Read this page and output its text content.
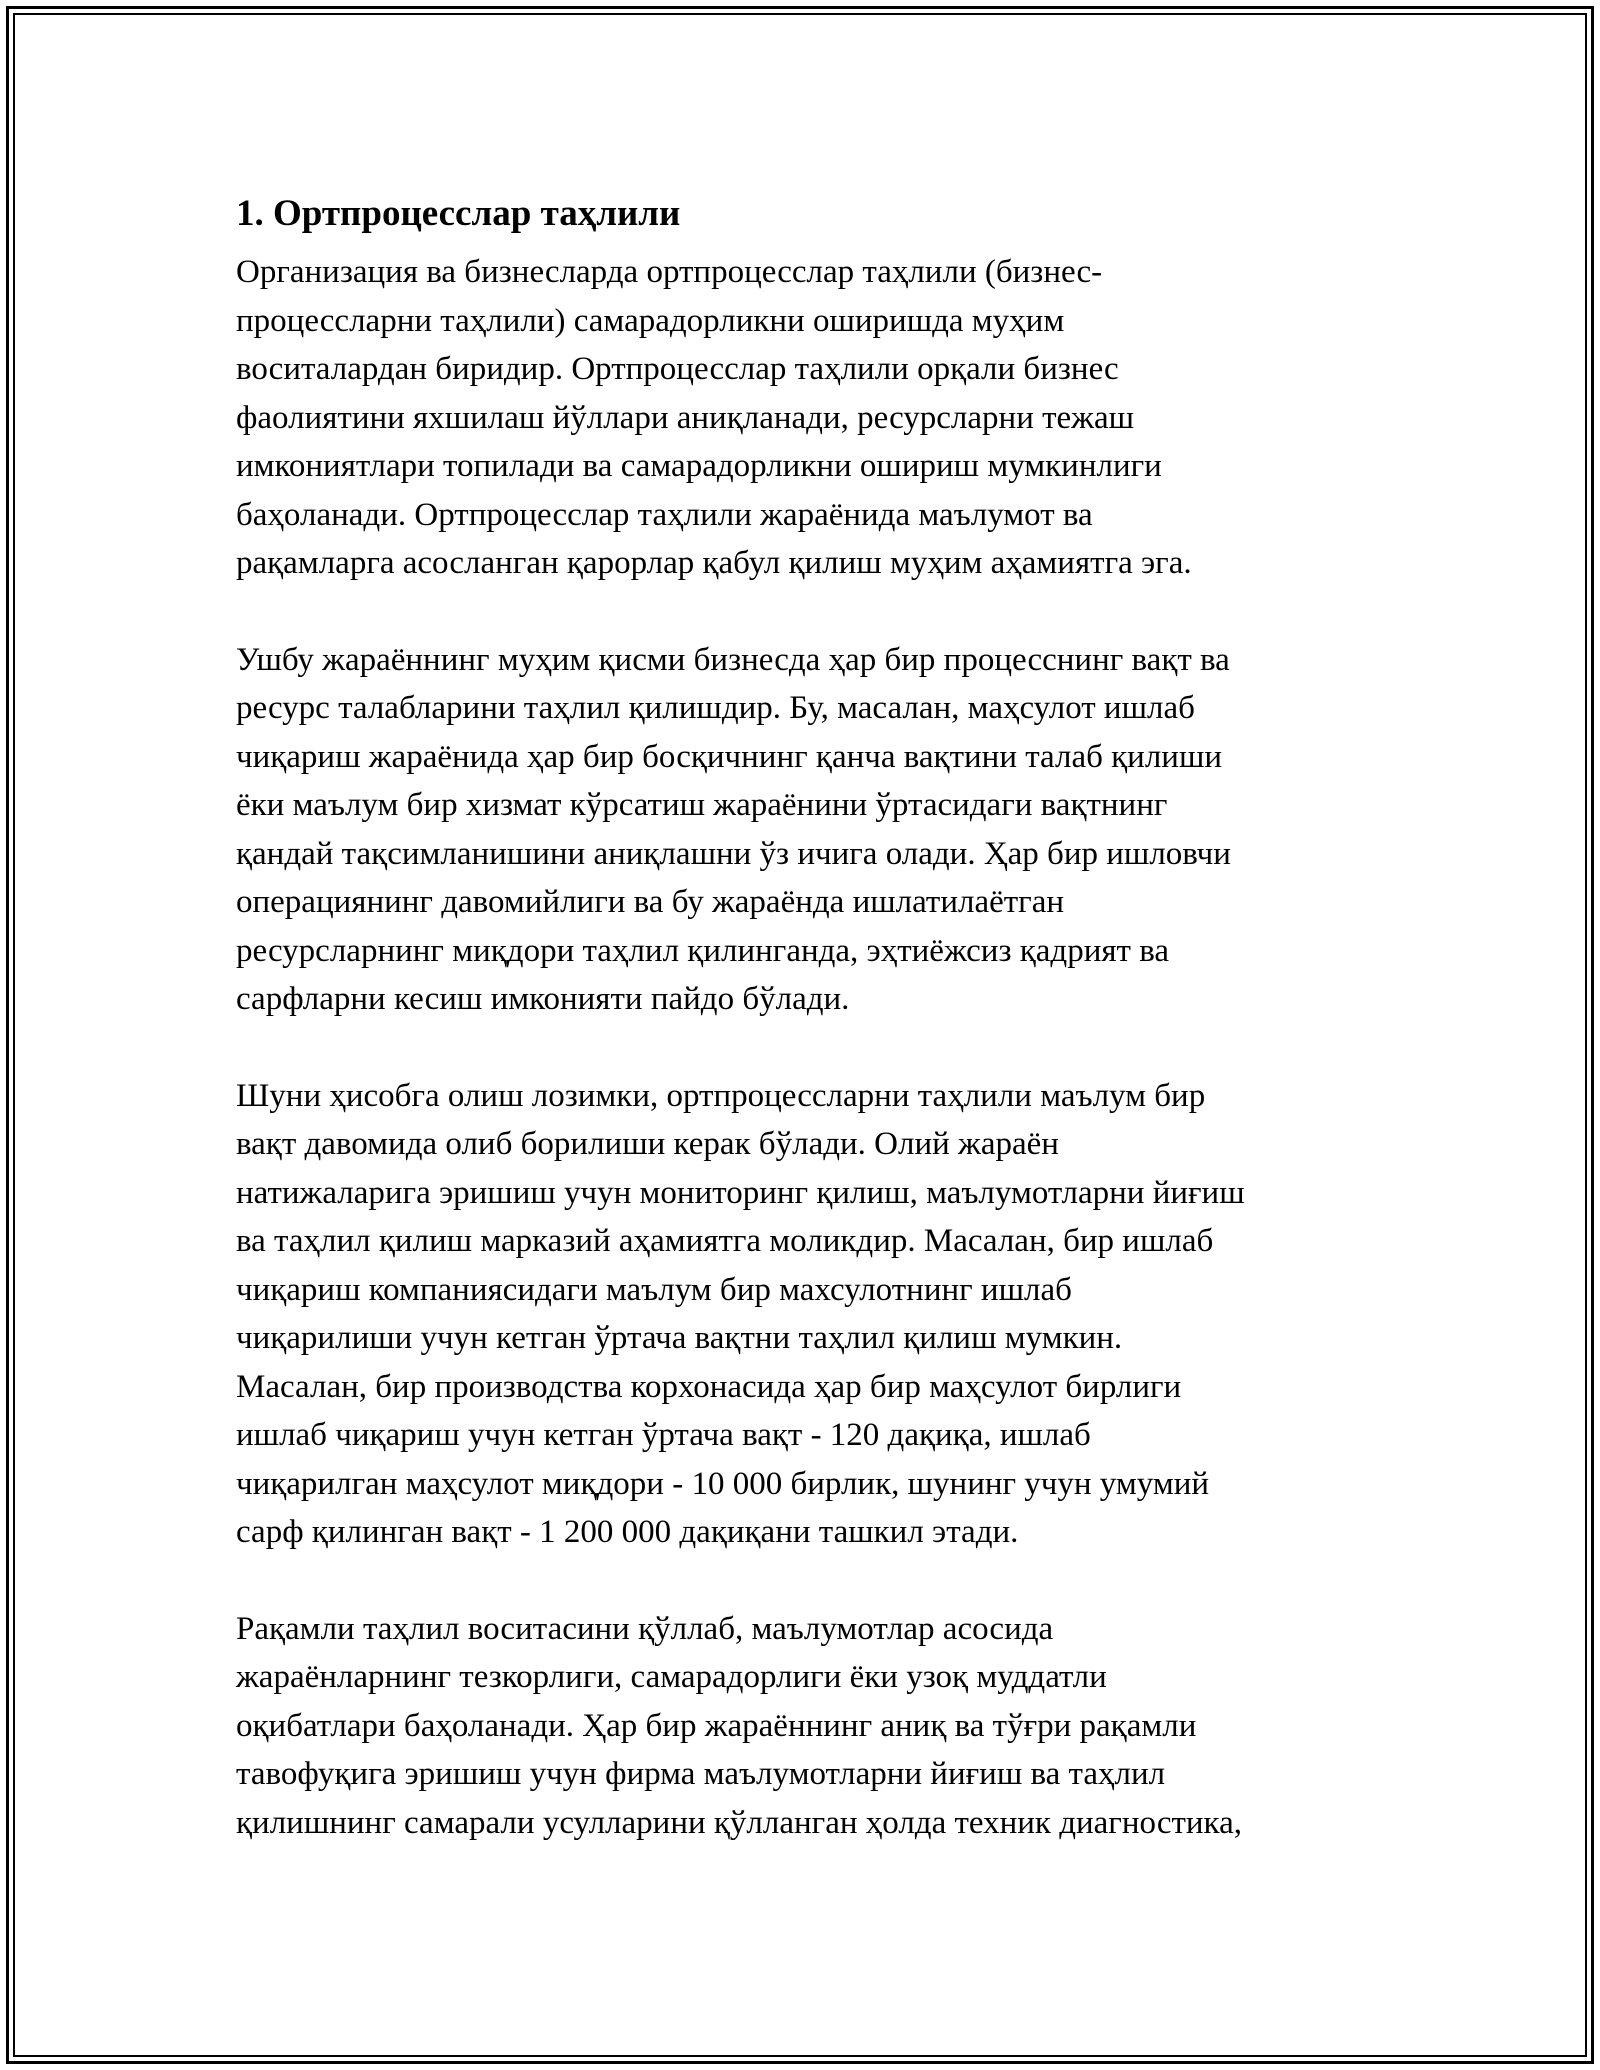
1. Ортпроцесслар таҳлили
Организация ва бизнесларда ортпроцесслар таҳлили (бизнес-
процессларни таҳлили) самарадорликни оширишда муҳим
воситалардан биридир. Ортпроцесслар таҳлили орқали бизнес
фаолиятини яхшилаш йўллари аниқланади, ресурсларни тежаш
имкониятлари топилади ва самарадорликни ошириш мумкинлиги
баҳоланади. Ортпроцесслар таҳлили жараёнида маълумот ва
рақамларга асосланган қарорлар қабул қилиш муҳим аҳамиятга эга.
Ушбу жараённинг муҳим қисми бизнесда ҳар бир процесснинг вақт ва
ресурс талабларини таҳлил қилишдир. Бу, масалан, маҳсулот ишлаб
чиқариш жараёнида ҳар бир босқичнинг қанча вақтини талаб қилиши
ёки маълум бир хизмат кўрсатиш жараёнини ўртасидаги вақтнинг
қандай тақсимланишини аниқлашни ўз ичига олади. Ҳар бир ишловчи
операциянинг давомийлиги ва бу жараёнда ишлатилаётган
ресурсларнинг миқдори таҳлил қилинганда, эҳтиёжсиз қадрият ва
сарфларни кесиш имконияти пайдо бўлади.
Шуни ҳисобга олиш лозимки, ортпроцессларни таҳлили маълум бир
вақт давомида олиб борилиши керак бўлади. Олий жараён
натижаларига эришиш учун мониторинг қилиш, маълумотларни йиғиш
ва таҳлил қилиш марказий аҳамиятга моликдир. Масалан, бир ишлаб
чиқариш компаниясидаги маълум бир махсулотнинг ишлаб
чиқарилиши учун кетган ўртача вақтни таҳлил қилиш мумкин.
Масалан, бир производства корхонасида ҳар бир маҳсулот бирлиги
ишлаб чиқариш учун кетган ўртача вақт - 120 дақиқа, ишлаб
чиқарилган маҳсулот миқдори - 10 000 бирлик, шунинг учун умумий
сарф қилинган вақт - 1 200 000 дақиқани ташкил этади.
Рақамли таҳлил воситасини қўллаб, маълумотлар асосида
жараёнларнинг тезкорлиги, самарадорлиги ёки узоқ муддатли
оқибатлари баҳоланади. Ҳар бир жараённинг аниқ ва тўғри рақамли
тавофуқига эришиш учун фирма маълумотларни йиғиш ва таҳлил
қилишнинг самарали усулларини қўлланган ҳолда техник диагностика,
